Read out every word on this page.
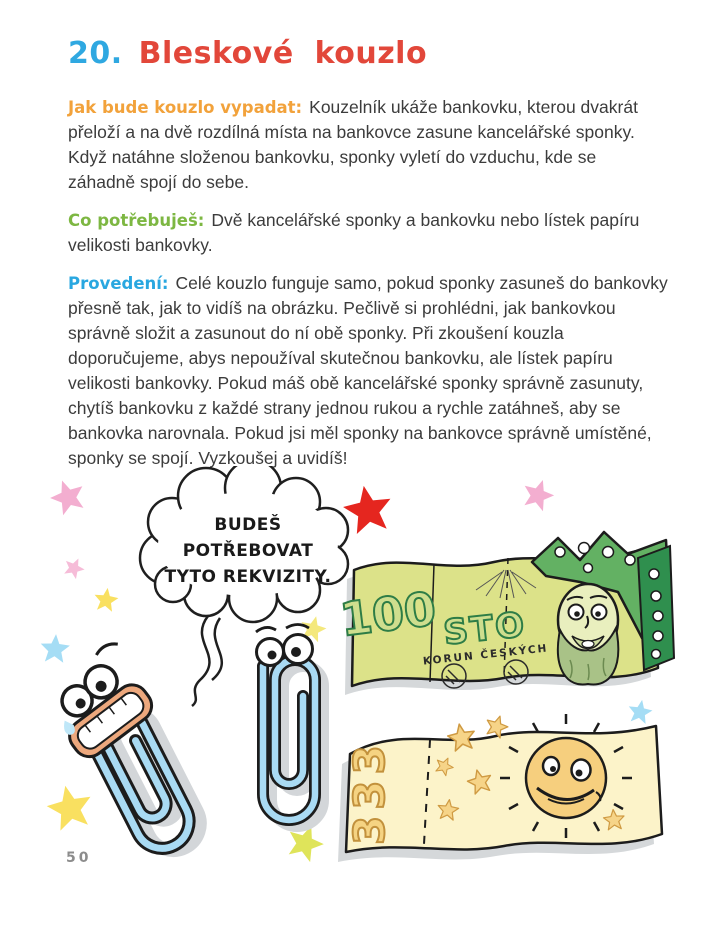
20. Bleskové kouzlo

Jak bude kouzlo vypadat: Kouzelník ukáže bankovku, kterou dvakrát přeloží a na dvě rozdílná místa na bankovce zasune kancelářské sponky. Když natáhne složenou bankovku, sponky vyletí do vzduchu, kde se záhadně spojí do sebe.

Co potřebuješ: Dvě kancelářské sponky a bankovku nebo lístek papíru velikosti bankovky.

Provedení: Celé kouzlo funguje samo, pokud sponky zasuneš do bankovky přesně tak, jak to vidíš na obrázku. Pečlivě si prohlédni, jak bankovkou správně složit a zasunout do ní obě sponky. Při zkoušení kouzla doporučujeme, abys nepoužíval skutečnou bankovku, ale lístek papíru velikosti bankovky. Pokud máš obě kancelářské sponky správně zasunuty, chytíš bankovku z každé strany jednou rukou a rychle zatáhneš, aby se bankovka narovnala. Pokud jsi měl sponky na bankovce správně umístěné, sponky se spojí. Vyzkoušej a uvidíš!

BUDEŠ
POTŘEBOVAT
TYTO REKVIZITY.
100 STO
KORUN ČESKÝCH
333
50
